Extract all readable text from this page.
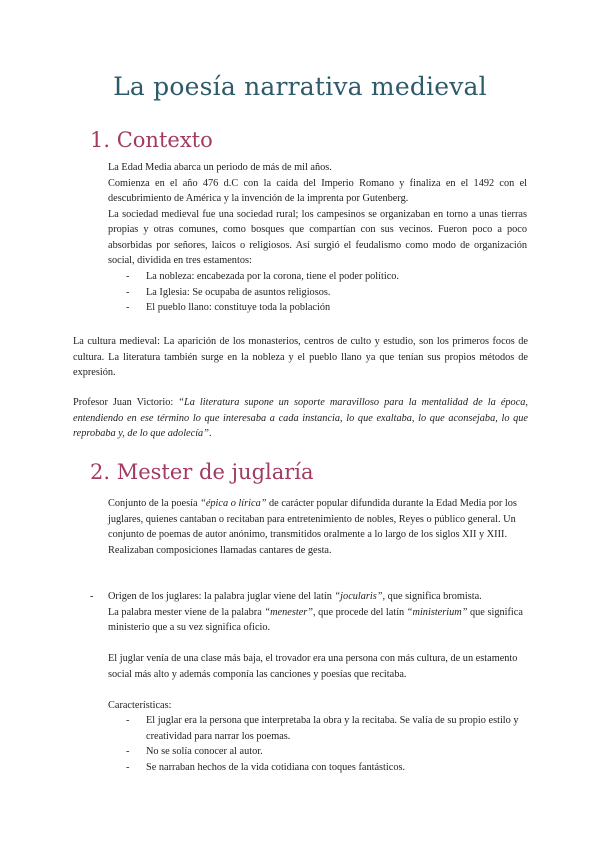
La poesía narrativa medieval
1. Contexto

La Edad Media abarca un periodo de más de mil años.

Comienza en el año 476 d.C con la caída del Imperio Romano y finaliza en el 1492 con el descubrimiento de América y la invención de la imprenta por Gutenberg.

La sociedad medieval fue una sociedad rural; los campesinos se organizaban en torno a unas tierras propias y otras comunes, como bosques que compartían con sus vecinos. Fueron poco a poco absorbidas por señores, laicos o religiosos. Así surgió el feudalismo como modo de organización social, dividida en tres estamentos:

- La nobleza: encabezada por la corona, tiene el poder político.
- La Iglesia: Se ocupaba de asuntos religiosos.
- El pueblo llano: constituye toda la población
La cultura medieval: La aparición de los monasterios, centros de culto y estudio, son los primeros focos de cultura. La literatura también surge en la nobleza y el pueblo llano ya que tenían sus propios métodos de expresión.
Profesor Juan Victorio: “La literatura supone un soporte maravilloso para la mentalidad de la época, entendiendo en ese término lo que interesaba a cada instancia, lo que exaltaba, lo que aconsejaba, lo que reprobaba y, de lo que adolecía”.
2. Mester de juglaría

Conjunto de la poesía “épica o lírica” de carácter popular difundida durante la Edad Media por los juglares, quienes cantaban o recitaban para entretenimiento de nobles, Reyes o público general. Un conjunto de poemas de autor anónimo, transmitidos oralmente a lo largo de los siglos XII y XIII.

Realizaban composiciones llamadas cantares de gesta.

- Origen de los juglares: la palabra juglar viene del latín “jocularis”, que significa bromista.

La palabra mester viene de la palabra “menester”, que procede del latín “ministerium” que significa ministerio que a su vez significa oficio.

El juglar venía de una clase más baja, el trovador era una persona con más cultura, de un estamento social más alto y además componía las canciones y poesías que recitaba.
Características:
- El juglar era la persona que interpretaba la obra y la recitaba. Se valía de su propio estilo y creatividad para narrar los poemas.
- No se solía conocer al autor.
- Se narraban hechos de la vida cotidiana con toques fantásticos.
